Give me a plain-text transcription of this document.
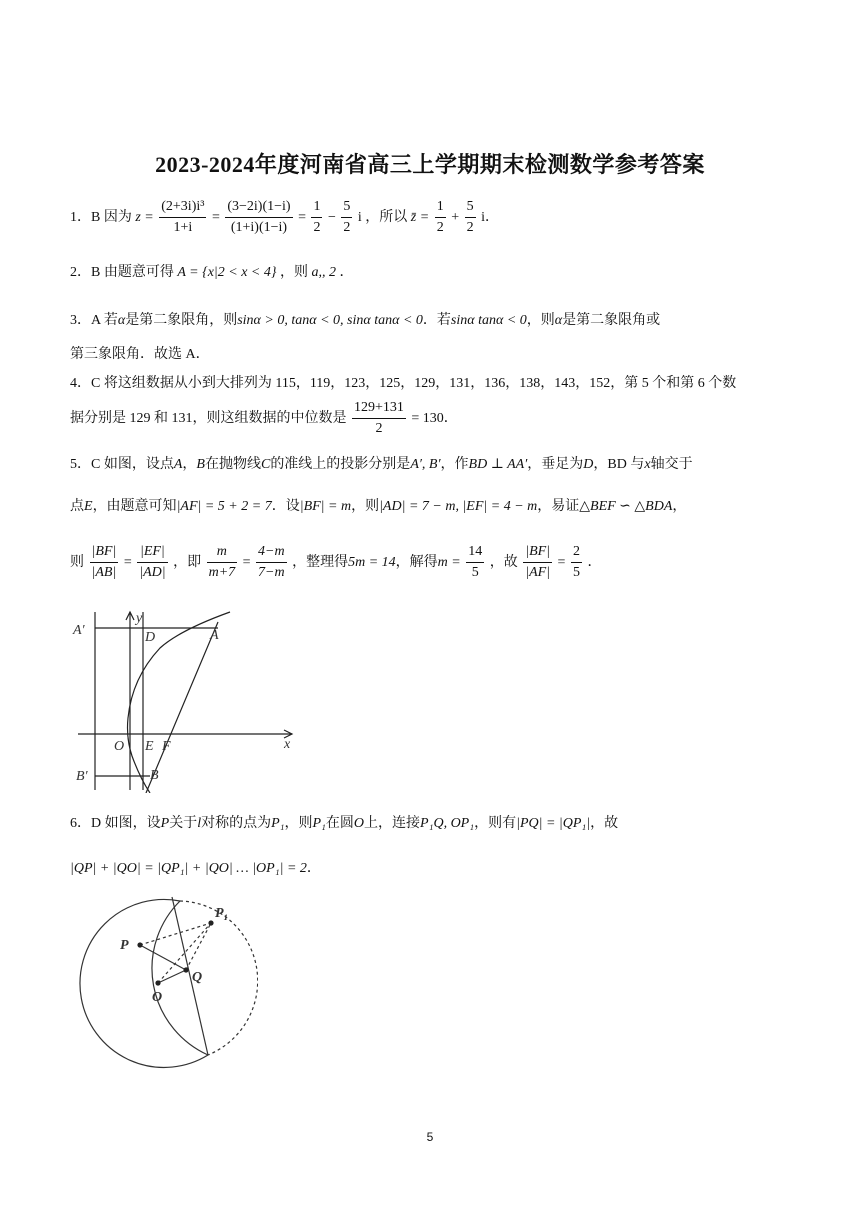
2023-2024年度河南省高三上学期期末检测数学参考答案
1．B 因为 $z = \frac{\text{(2+3i)i³}}{1+i} = \frac{(3-2i)(1-i)}{(1+i)(1-i)} = \frac{1}{2} - \frac{5}{2}$ i ，所以 z̄ = $\frac{1}{2} + \frac{5}{2}$ i．
2．B 由题意可得 A = {x|2 < x < 4} ，则 a,, 2 ．
3．A 若α是第二象限角，则sinα > 0, tanα < 0, sinα tanα < 0．若sinα tanα < 0，则α是第二象限角或
第三象限角．故选 A．
4．C 将这组数据从小到大排列为 115，119，123，125，129，131，136，138，143，152，第 5 个和第 6 个数
据分别是 129 和 131，则这组数据的中位数是 $\frac{129+131}{2} = 130$．
5．C 如图，设点A，B在抛物线C的准线上的投影分别是A′, B′，作BD ⊥ AA′，垂足为D，BD 与x轴交于
点E，由题意可知|AF| = 5 + 2 = 7．设|BF| = m，则|AD| = 7 − m, |EF| = 4 − m，易证△BEF ∽ △BDA，
则 $\frac{|BF|}{|AB|} = \frac{|EF|}{|AD|}$ ，即 $\frac{m}{m+7} = \frac{4-m}{7-m}$ ，整理得5m = 14，解得$m = \frac{14}{5}$ ，故 $\frac{|BF|}{|AF|} = \frac{2}{5}$ ．
A′	D	A
y
O E F	x
B′	B
6．D 如图，设P关于l对称的点为P₁，则P₁在圆O上，连接P₁Q, OP₁，则有|PQ| = |QP₁|，故
|QP| + |QO| = |QP₁| + |QO| … |OP₁| = 2．
P₁
P
Q
O
5
